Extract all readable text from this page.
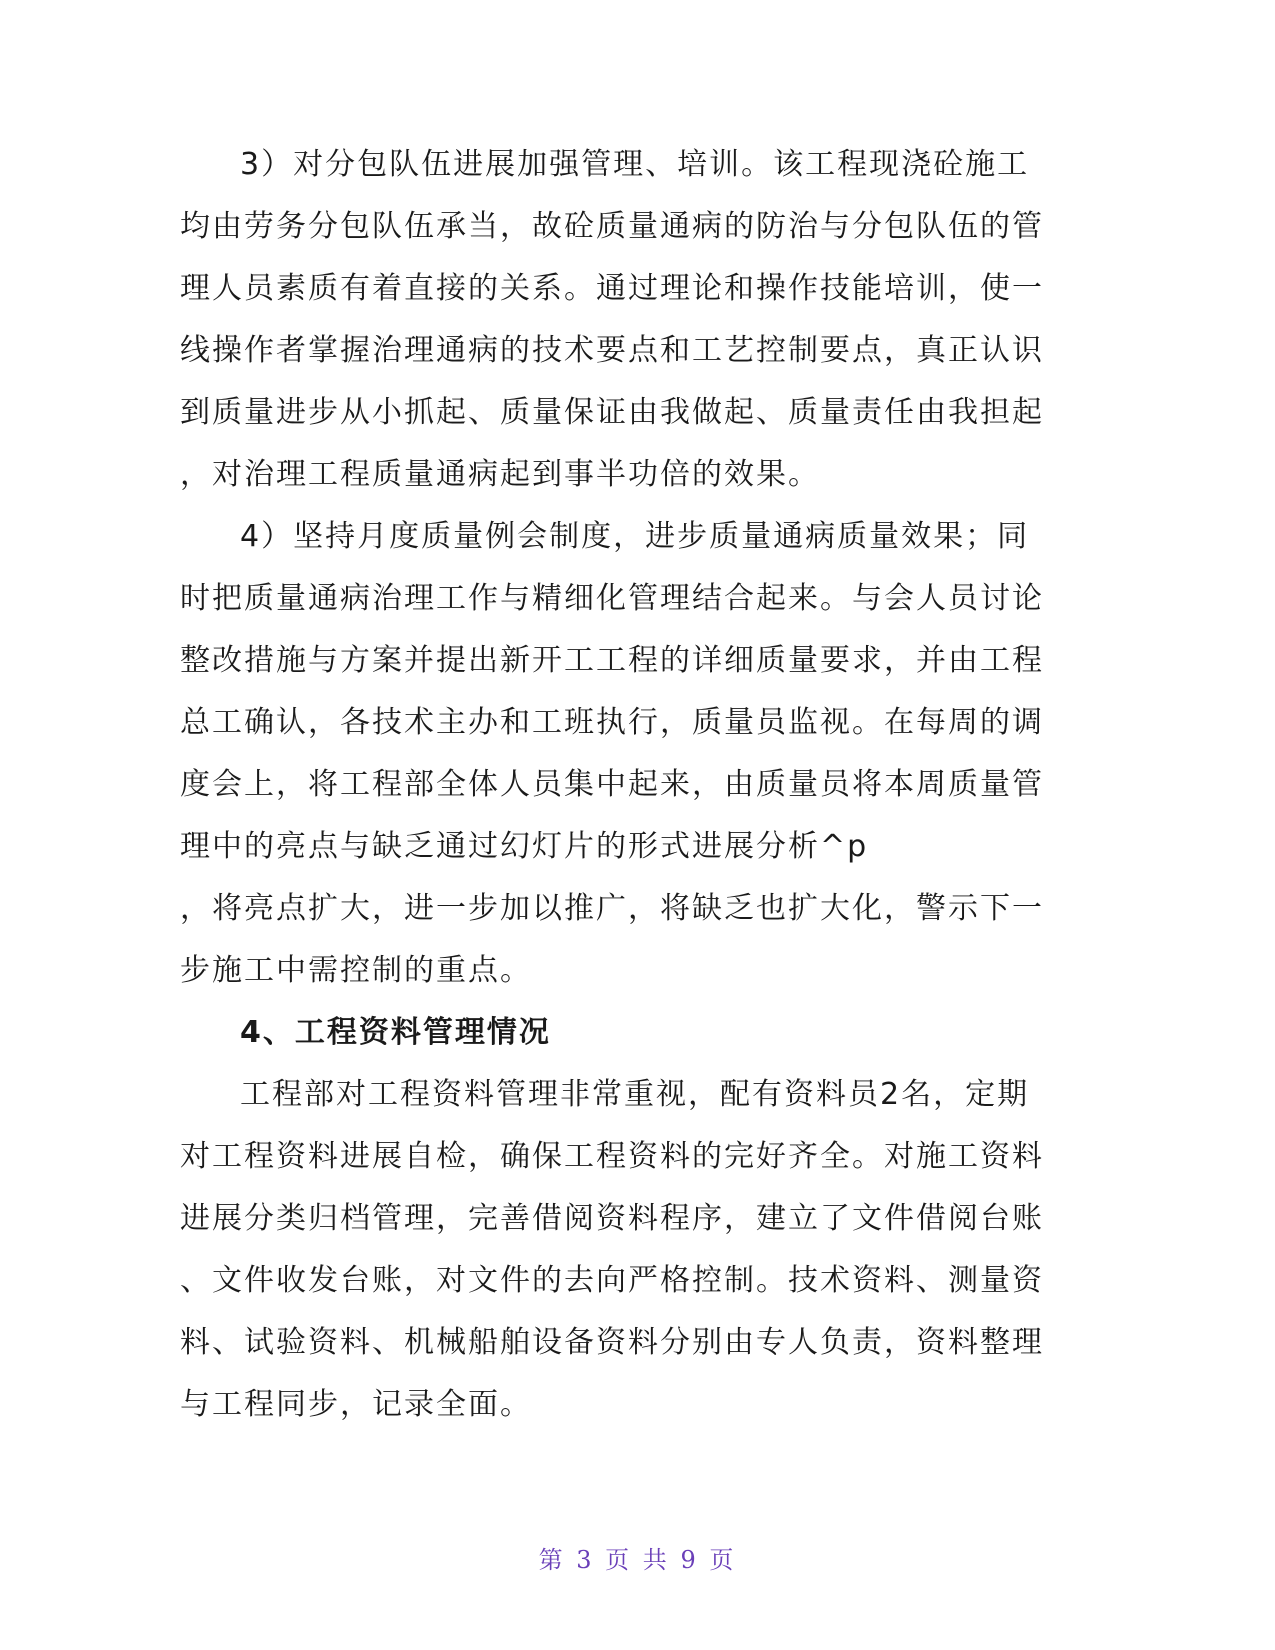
3）对分包队伍进展加强管理、培训。该工程现浇砼施工
均由劳务分包队伍承当，故砼质量通病的防治与分包队伍的管
理人员素质有着直接的关系。通过理论和操作技能培训，使一
线操作者掌握治理通病的技术要点和工艺控制要点，真正认识
到质量进步从小抓起、质量保证由我做起、质量责任由我担起
，对治理工程质量通病起到事半功倍的效果。
4）坚持月度质量例会制度，进步质量通病质量效果；同
时把质量通病治理工作与精细化管理结合起来。与会人员讨论
整改措施与方案并提出新开工工程的详细质量要求，并由工程
总工确认，各技术主办和工班执行，质量员监视。在每周的调
度会上，将工程部全体人员集中起来，由质量员将本周质量管
理中的亮点与缺乏通过幻灯片的形式进展分析^p
，将亮点扩大，进一步加以推广，将缺乏也扩大化，警示下一
步施工中需控制的重点。
4、工程资料管理情况
工程部对工程资料管理非常重视，配有资料员2名，定期
对工程资料进展自检，确保工程资料的完好齐全。对施工资料
进展分类归档管理，完善借阅资料程序，建立了文件借阅台账
、文件收发台账，对文件的去向严格控制。技术资料、测量资
料、试验资料、机械船舶设备资料分别由专人负责，资料整理
与工程同步，记录全面。
第 3 页 共 9 页
